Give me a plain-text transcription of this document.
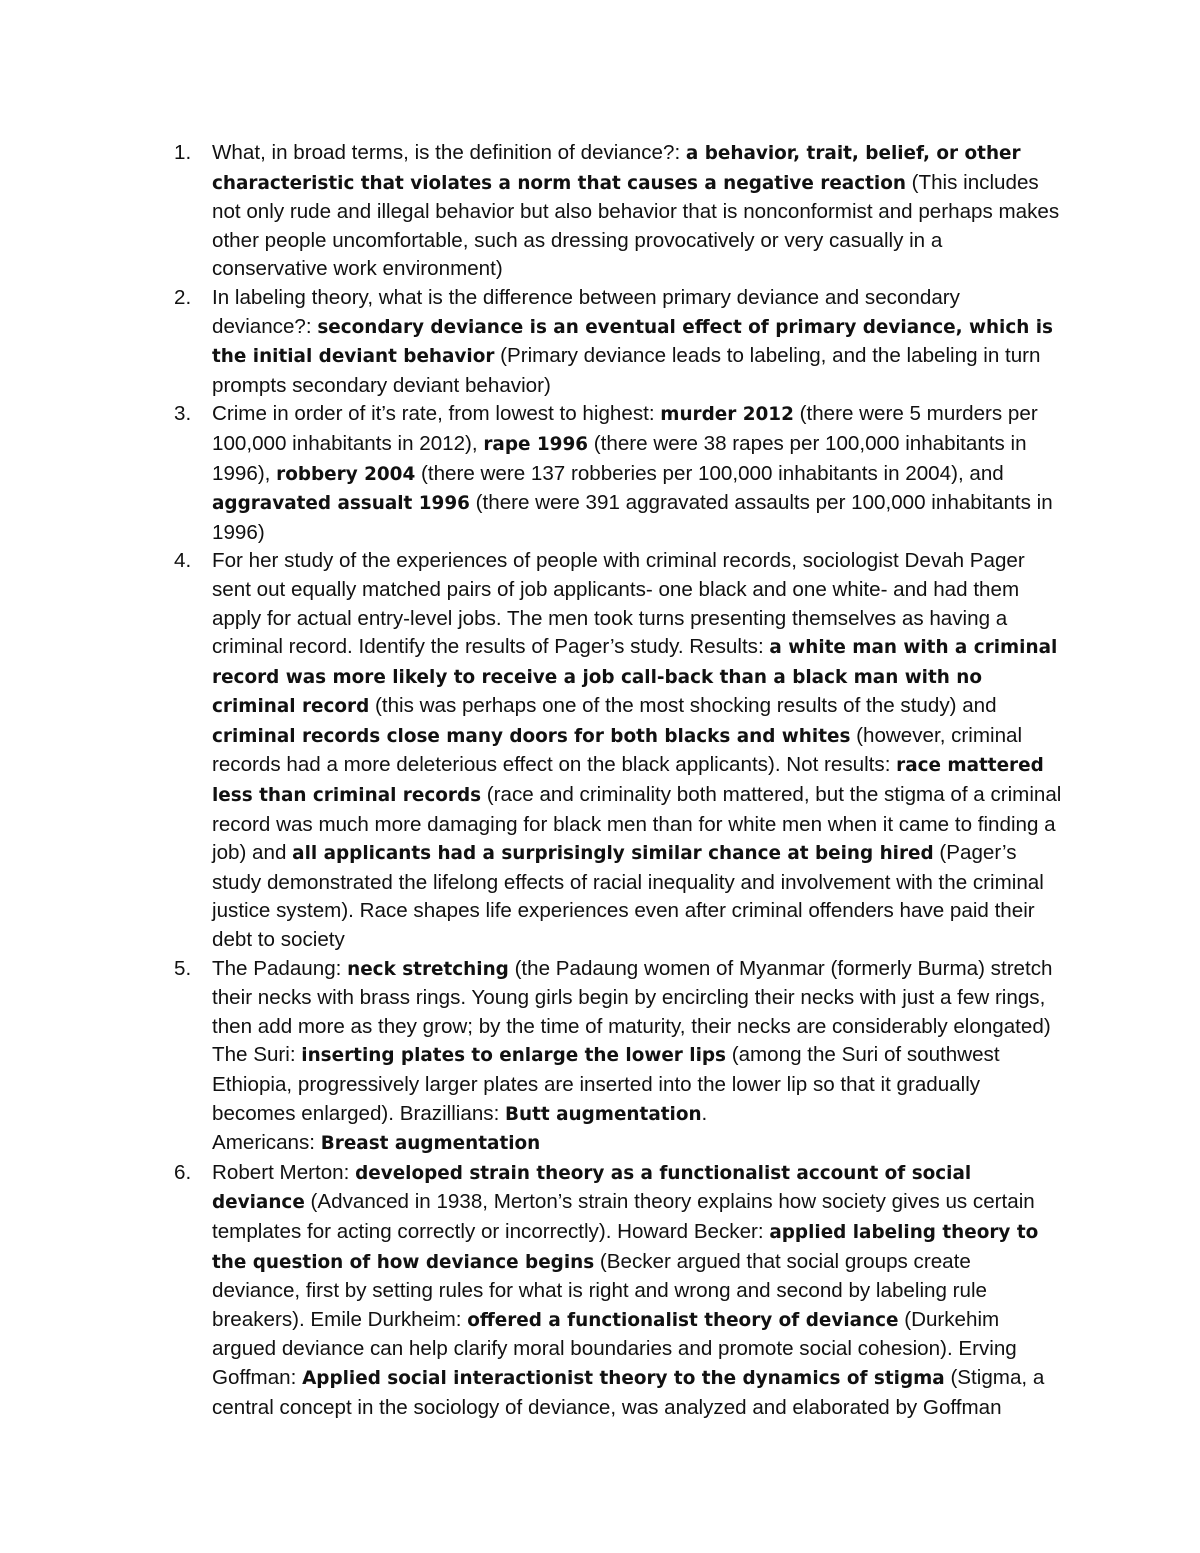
1. What, in broad terms, is the definition of deviance?: a behavior, trait, belief, or other characteristic that violates a norm that causes a negative reaction (This includes not only rude and illegal behavior but also behavior that is nonconformist and perhaps makes other people uncomfortable, such as dressing provocatively or very casually in a conservative work environment)
2. In labeling theory, what is the difference between primary deviance and secondary deviance?: secondary deviance is an eventual effect of primary deviance, which is the initial deviant behavior (Primary deviance leads to labeling, and the labeling in turn prompts secondary deviant behavior)
3. Crime in order of it’s rate, from lowest to highest: murder 2012 (there were 5 murders per 100,000 inhabitants in 2012), rape 1996 (there were 38 rapes per 100,000 inhabitants in 1996), robbery 2004 (there were 137 robberies per 100,000 inhabitants in 2004), and aggravated assualt 1996 (there were 391 aggravated assaults per 100,000 inhabitants in 1996)
4. For her study of the experiences of people with criminal records, sociologist Devah Pager sent out equally matched pairs of job applicants- one black and one white- and had them apply for actual entry-level jobs. The men took turns presenting themselves as having a criminal record. Identify the results of Pager’s study. Results: a white man with a criminal record was more likely to receive a job call-back than a black man with no criminal record (this was perhaps one of the most shocking results of the study) and criminal records close many doors for both blacks and whites (however, criminal records had a more deleterious effect on the black applicants). Not results: race mattered less than criminal records (race and criminality both mattered, but the stigma of a criminal record was much more damaging for black men than for white men when it came to finding a job) and all applicants had a surprisingly similar chance at being hired (Pager’s study demonstrated the lifelong effects of racial inequality and involvement with the criminal justice system). Race shapes life experiences even after criminal offenders have paid their debt to society
5. The Padaung: neck stretching (the Padaung women of Myanmar (formerly Burma) stretch their necks with brass rings. Young girls begin by encircling their necks with just a few rings, then add more as they grow; by the time of maturity, their necks are considerably elongated) The Suri: inserting plates to enlarge the lower lips (among the Suri of southwest Ethiopia, progressively larger plates are inserted into the lower lip so that it gradually becomes enlarged). Brazillians: Butt augmentation.
Americans: Breast augmentation
6. Robert Merton: developed strain theory as a functionalist account of social deviance (Advanced in 1938, Merton’s strain theory explains how society gives us certain templates for acting correctly or incorrectly). Howard Becker: applied labeling theory to the question of how deviance begins (Becker argued that social groups create deviance, first by setting rules for what is right and wrong and second by labeling rule breakers). Emile Durkheim: offered a functionalist theory of deviance (Durkehim argued deviance can help clarify moral boundaries and promote social cohesion). Erving Goffman: Applied social interactionist theory to the dynamics of stigma (Stigma, a central concept in the sociology of deviance, was analyzed and elaborated by Goffman
